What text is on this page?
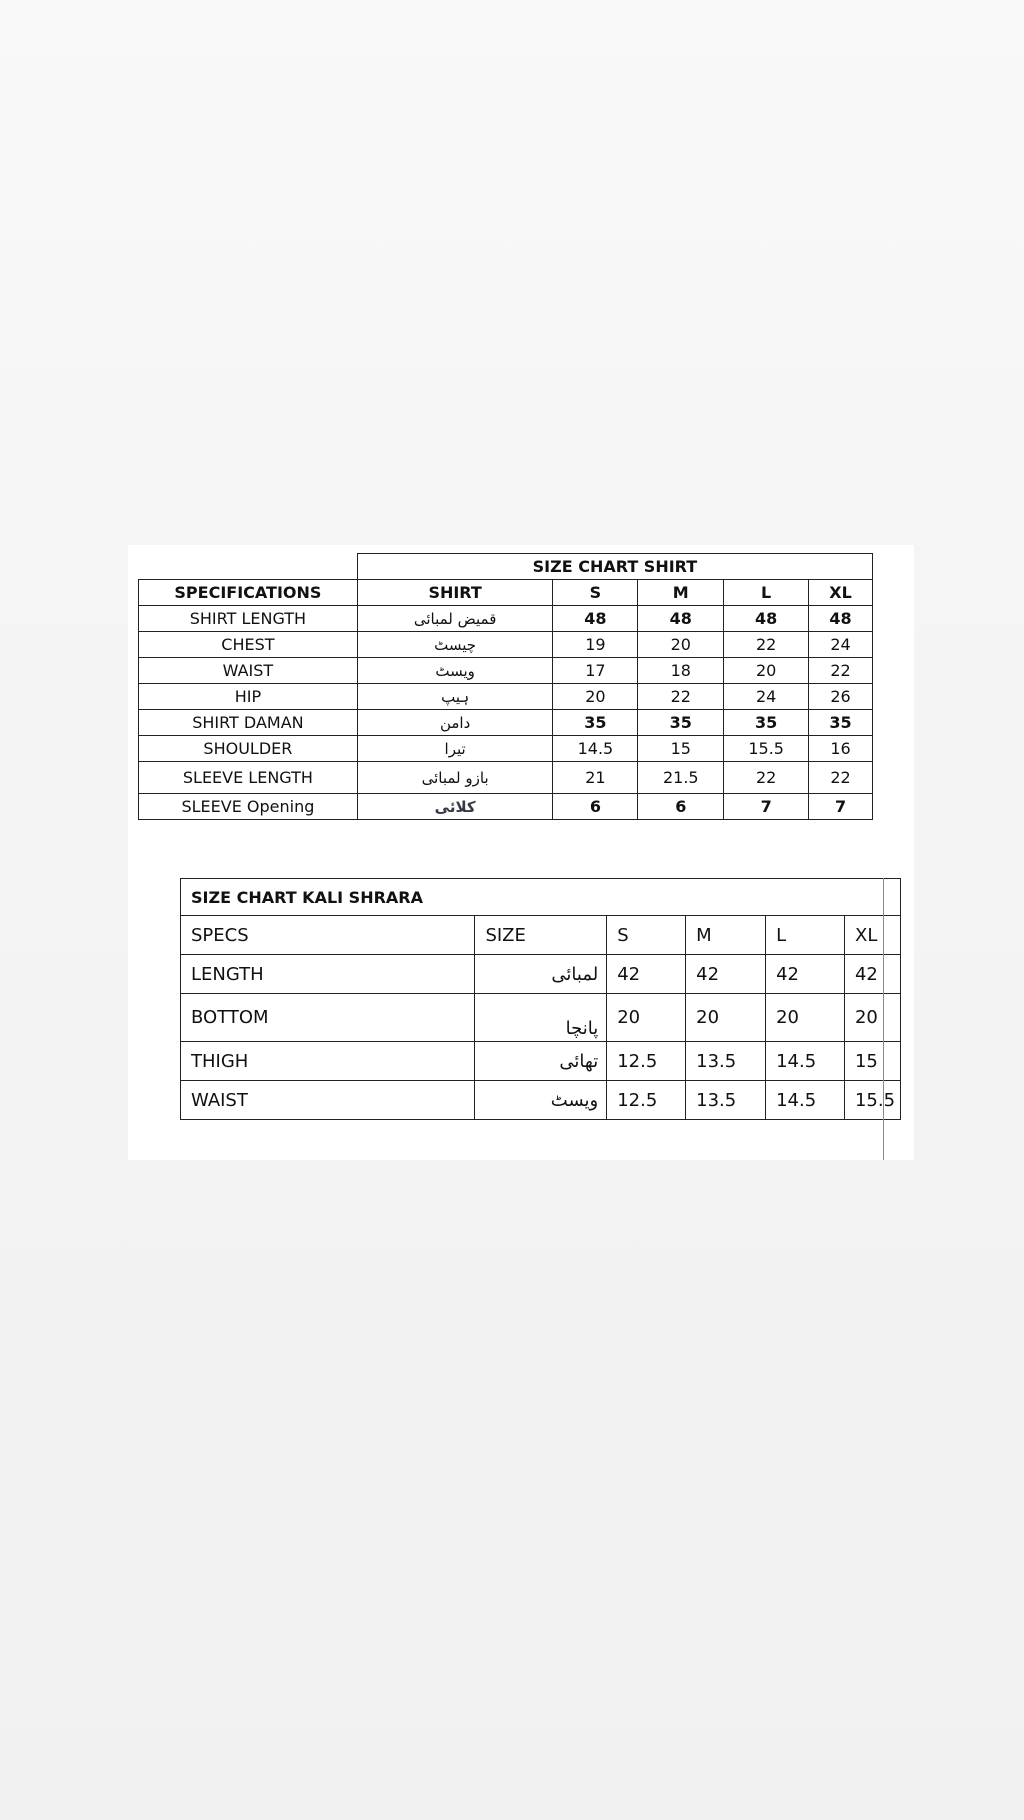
	SIZE CHART SHIRT				
SPECIFICATIONS	SHIRT	S	M	L	XL
SHIRT LENGTH	قمیض لمبائی	48	48	48	48
CHEST	چیسٹ	19	20	22	24
WAIST	ویسٹ	17	18	20	22
HIP	ہیپ	20	22	24	26
SHIRT DAMAN	دامن	35	35	35	35
SHOULDER	تیرا	14.5	15	15.5	16
SLEEVE LENGTH	بازو لمبائی	21	21.5	22	22
SLEEVE Opening	کلائی	6	6	7	7
SIZE CHART KALI SHRARA					
SPECS	SIZE	S	M	L	XL
LENGTH	لمبائی	42	42	42	42
BOTTOM	پانچا	20	20	20	20
THIGH	تھائی	12.5	13.5	14.5	15
WAIST	ویسٹ	12.5	13.5	14.5	15.5
